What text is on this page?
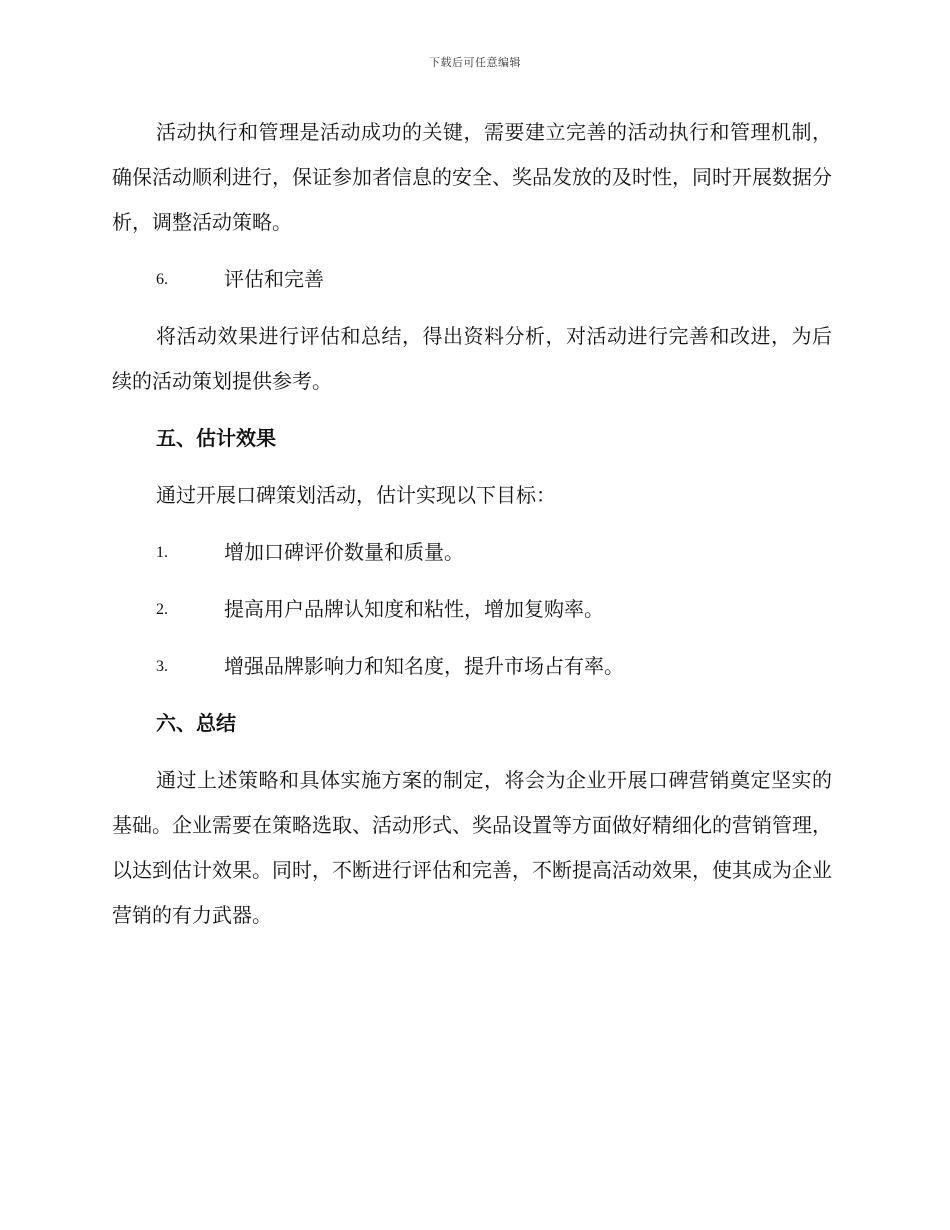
下载后可任意编辑

活动执行和管理是活动成功的关键，需要建立完善的活动执行和管理机制，确保活动顺利进行，保证参加者信息的安全、奖品发放的及时性，同时开展数据分析，调整活动策略。

6.	评估和完善

将活动效果进行评估和总结，得出资料分析，对活动进行完善和改进，为后续的活动策划提供参考。

五、估计效果

通过开展口碑策划活动，估计实现以下目标：

1.	增加口碑评价数量和质量。
2.	提高用户品牌认知度和粘性，增加复购率。
3.	增强品牌影响力和知名度，提升市场占有率。
六、总结

通过上述策略和具体实施方案的制定，将会为企业开展口碑营销奠定坚实的基础。企业需要在策略选取、活动形式、奖品设置等方面做好精细化的营销管理，以达到估计效果。同时，不断进行评估和完善，不断提高活动效果，使其成为企业营销的有力武器。
